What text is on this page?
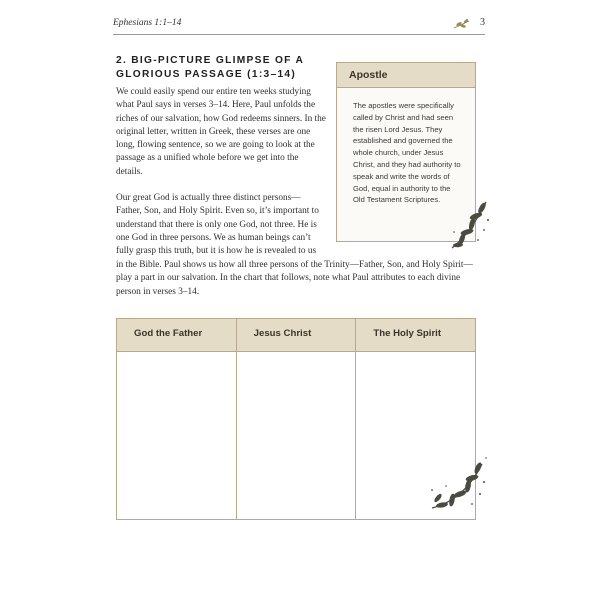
Ephesians 1:1–14	3
2. BIG-PICTURE GLIMPSE OF A GLORIOUS PASSAGE (1:3–14)

We could easily spend our entire ten weeks studying what Paul says in verses 3–14. Here, Paul unfolds the riches of our salvation, how God redeems sinners. In the original letter, written in Greek, these verses are one long, flowing sentence, so we are going to look at the passage as a unified whole before we get into the details.

Our great God is actually three distinct persons—Father, Son, and Holy Spirit. Even so, it’s important to understand that there is only one God, not three. He is one God in three persons. We as human beings can’t fully grasp this truth, but it is how he is revealed to us

in the Bible. Paul shows us how all three persons of the Trinity—Father, Son, and Holy Spirit—play a part in our salvation. In the chart that follows, note what Paul attributes to each divine person in verses 3–14.

Apostle
The apostles were specifically called by Christ and had seen the risen Lord Jesus. They established and governed the whole church, under Jesus Christ, and they had authority to speak and write the words of God, equal in authority to the Old Testament Scriptures.
God the Father	Jesus Christ	The Holy Spirit
